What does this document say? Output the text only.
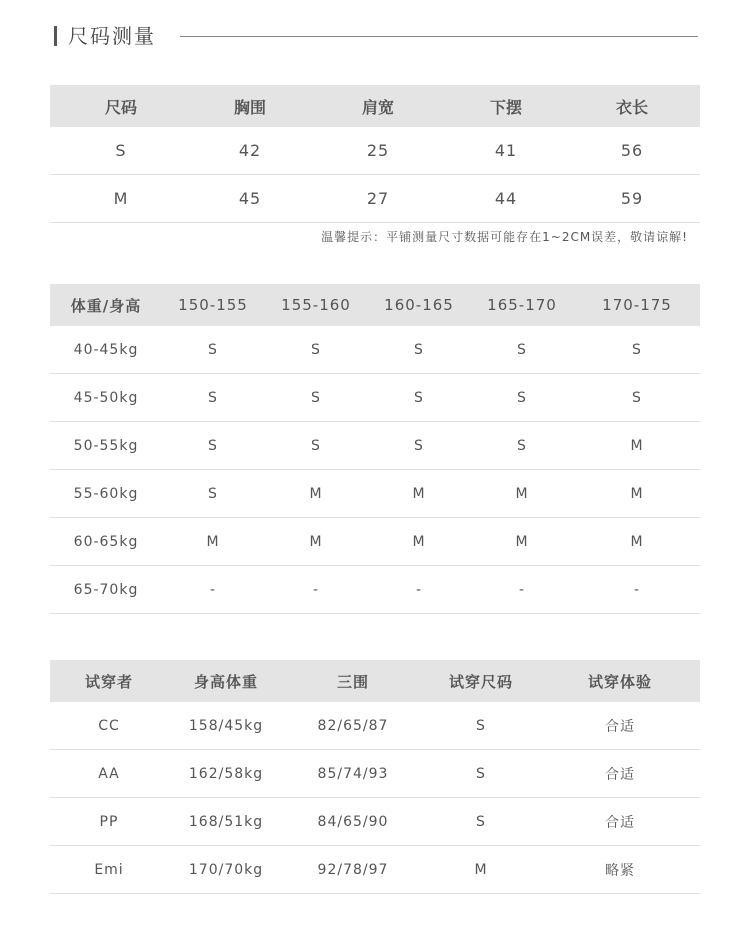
尺码测量
尺码	胸围	肩宽	下摆	衣长
S	42	25	41	56
M	45	27	44	59
温馨提示：平铺测量尺寸数据可能存在1~2CM误差，敬请谅解!
体重/身高	150-155	155-160	160-165	165-170	170-175
40-45kg	S	S	S	S	S
45-50kg	S	S	S	S	S
50-55kg	S	S	S	S	M
55-60kg	S	M	M	M	M
60-65kg	M	M	M	M	M
65-70kg	-	-	-	-	-
试穿者	身高体重	三围	试穿尺码	试穿体验
CC	158/45kg	82/65/87	S	合适
AA	162/58kg	85/74/93	S	合适
PP	168/51kg	84/65/90	S	合适
Emi	170/70kg	92/78/97	M	略紧
